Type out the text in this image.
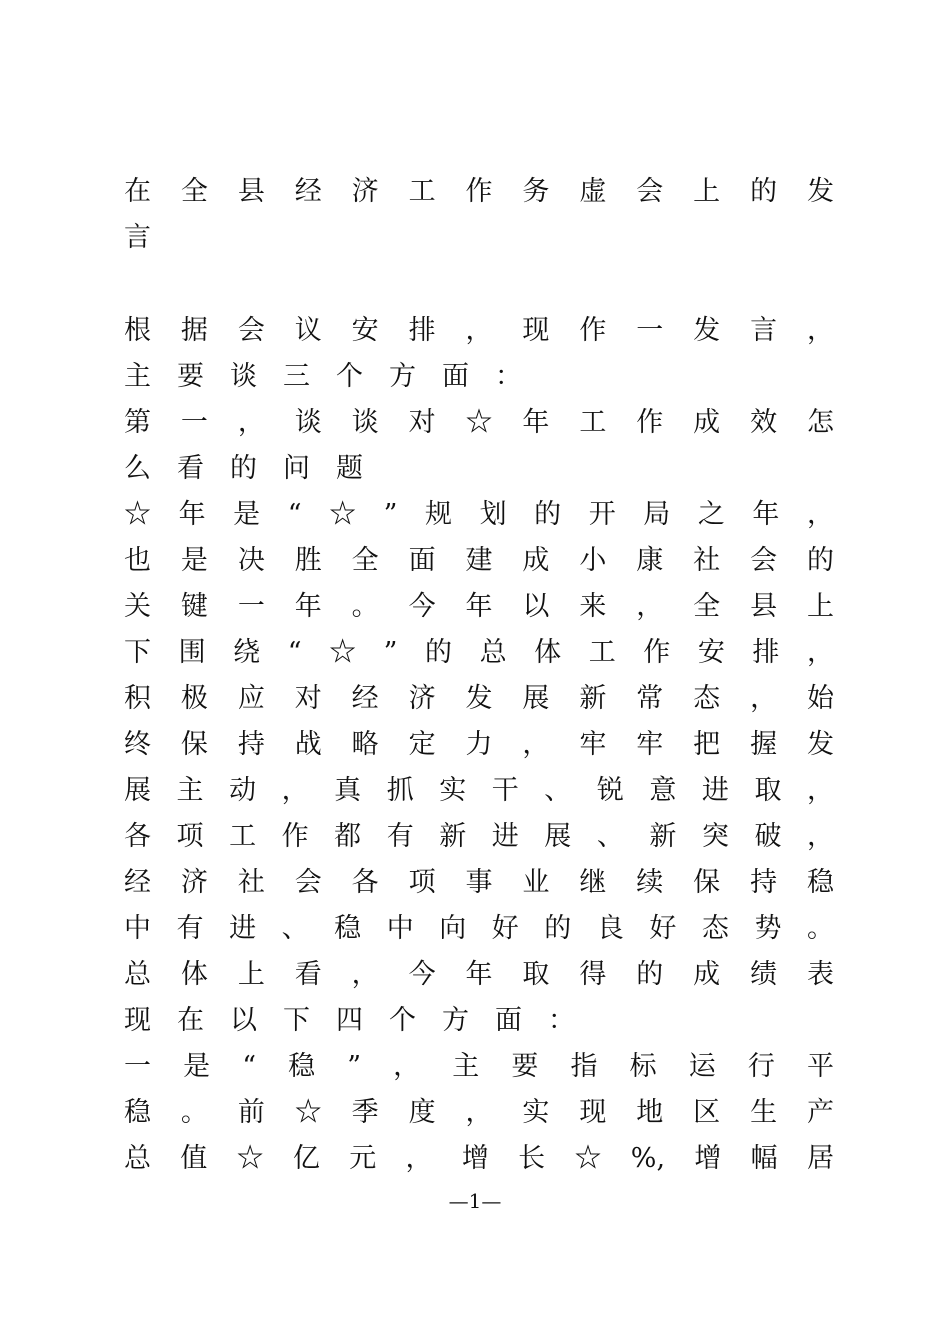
在全县经济工作务虚会上的发
言
根据会议安排，现作一发言，
主要谈三个方面：
第一，谈谈对☆年工作成效怎
么看的问题
☆年是“☆”规划的开局之年，
也是决胜全面建成小康社会的
关键一年。今年以来，全县上
下围绕“☆”的总体工作安排，
积极应对经济发展新常态，始
终保持战略定力，牢牢把握发
展主动，真抓实干、锐意进取，
各项工作都有新进展、新突破，
经济社会各项事业继续保持稳
中有进、稳中向好的良好态势。
总体上看，今年取得的成绩表
现在以下四个方面：
一是“稳”，主要指标运行平
稳。前☆季度，实现地区生产
总值☆亿元，增长☆%,增幅居
—1—
